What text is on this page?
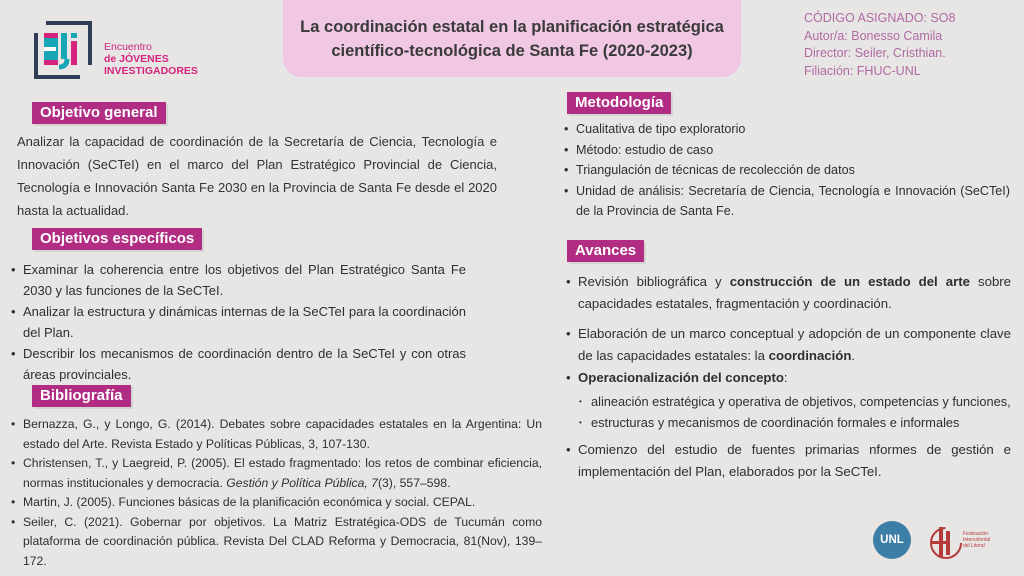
Encuentro
de JÓVENES
INVESTIGADORES
La coordinación estatal en la planificación estratégica científico-tecnológica de Santa Fe (2020-2023)
CÓDIGO ASIGNADO: SO8
Autor/a: Bonesso Camila
Director: Seiler, Cristhian.
Filiación: FHUC-UNL
Objetivo general
Analizar la capacidad de coordinación de la Secretaría de Ciencia, Tecnología e Innovación (SeCTeI) en el marco del Plan Estratégico Provincial de Ciencia, Tecnología e Innovación Santa Fe 2030 en la Provincia de Santa Fe desde el 2020 hasta la actualidad.
Objetivos específicos
• Examinar la coherencia entre los objetivos del Plan Estratégico Santa Fe 2030 y las funciones de la SeCTeI.
• Analizar la estructura y dinámicas internas de la SeCTeI para la coordinación del Plan.
• Describir los mecanismos de coordinación dentro de la SeCTeI y con otras áreas provinciales.
Bibliografía
• Bernazza, G., y Longo, G. (2014). Debates sobre capacidades estatales en la Argentina: Un estado del Arte. Revista Estado y Políticas Públicas, 3, 107-130.
• Christensen, T., y Laegreid, P. (2005). El estado fragmentado: los retos de combinar eficiencia, normas institucionales y democracia. Gestión y Política Pública, 7(3), 557–598.
• Martin, J. (2005). Funciones básicas de la planificación económica y social. CEPAL.
• Seiler, C. (2021). Gobernar por objetivos. La Matriz Estratégica-ODS de Tucumán como plataforma de coordinación pública. Revista Del CLAD Reforma y Democracia, 81(Nov), 139–172.
Metodología
• Cualitativa de tipo exploratorio
• Método: estudio de caso
• Triangulación de técnicas de recolección de datos
• Unidad de análisis: Secretaría de Ciencia, Tecnología e Innovación (SeCTeI) de la Provincia de Santa Fe.
Avances
• Revisión bibliográfica y construcción de un estado del arte sobre capacidades estatales, fragmentación y coordinación.
• Elaboración de un marco conceptual y adopción de un componente clave de las capacidades estatales: la coordinación.
• Operacionalización del concepto:
• alineación estratégica y operativa de objetivos, competencias y funciones,
• estructuras y mecanismos de coordinación formales e informales
• Comienzo del estudio de fuentes primarias nformes de gestión e implementación del Plan, elaborados por la SeCTeI.
UNL	Federación Intercolonial del Litoral
